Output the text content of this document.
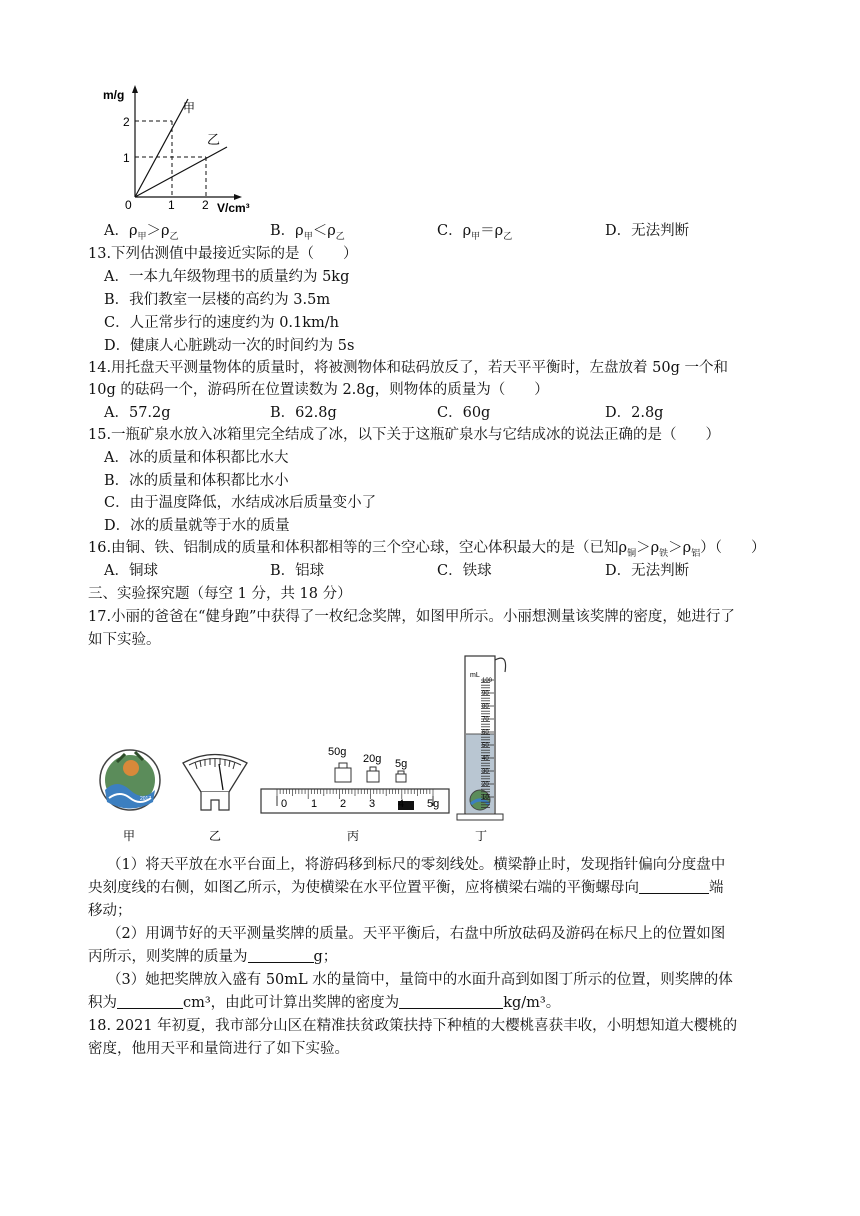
m/g
V/cm³
甲
乙
2
1
0	1 2
A．$\rho_甲>\rho_乙$	B．$\rho_甲<\rho_乙$	C．$\rho_甲=\rho_乙$	D．无法判断
13.下列估测值中最接近实际的是（　　）
A．一本九年级物理书的质量约为 5kg
B．我们教室一层楼的高约为 3.5m
C．人正常步行的速度约为 0.1km/h
D．健康人心脏跳动一次的时间约为 5s
14.用托盘天平测量物体的质量时，将被测物体和砝码放反了，若天平平衡时，左盘放着 50g 一个和
10g 的砝码一个，游码所在位置读数为 2.8g，则物体的质量为（　　）
A．57.2g	B．62.8g	C．60g	D．2.8g
15.一瓶矿泉水放入冰箱里完全结成了冰，以下关于这瓶矿泉水与它结成冰的说法正确的是（　　）
A．冰的质量和体积都比水大
B．冰的质量和体积都比水小
C．由于温度降低，水结成冰后质量变小了
D．冰的质量就等于水的质量
16.由铜、铁、铝制成的质量和体积都相等的三个空心球，空心体积最大的是（已知$\rho_铜>\rho_铁>\rho_铝$）（　　）
A．铜球	B．铝球	C．铁球	D．无法判断
三、实验探究题（每空 1 分，共 18 分）
17.小丽的爸爸在“健身跑”中获得了一枚纪念奖牌，如图甲所示。小丽想测量该奖牌的密度，她进行了
如下实验。
2017
50g
20g 5g
0 1 2 3 4 5g
mL
100
90
80
70
60
50
40
30
20
10
甲	乙	丙	丁
（1）将天平放在水平台面上，将游码移到标尺的零刻线处。横梁静止时，发现指针偏向分度盘中
央刻度线的右侧，如图乙所示，为使横梁在水平位置平衡，应将横梁右端的平衡螺母向	端
移动；
（2）用调节好的天平测量奖牌的质量。天平平衡后，右盘中所放砝码及游码在标尺上的位置如图
丙所示，则奖牌的质量为	g；
（3）她把奖牌放入盛有 50mL 水的量筒中，量筒中的水面升高到如图丁所示的位置，则奖牌的体
积为	cm³，由此可计算出奖牌的密度为	kg/m³。
18. 2021 年初夏，我市部分山区在精准扶贫政策扶持下种植的大樱桃喜获丰收，小明想知道大樱桃的
密度，他用天平和量筒进行了如下实验。
